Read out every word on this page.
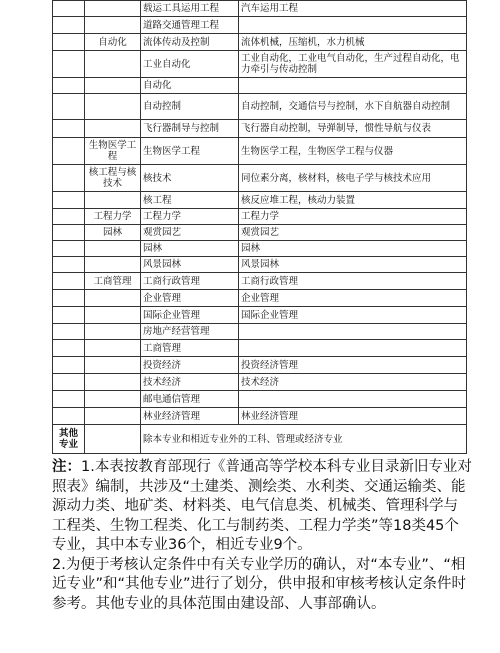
		载运工具运用工程	汽车运用工程
		道路交通管理工程	
	自动化	流体传动及控制	流体机械，压缩机，水力机械
		工业自动化	工业自动化，工业电气自动化，生产过程自动化，电力牵引与传动控制
		自动化	
		自动控制	自动控制，交通信号与控制，水下自航器自动控制
		飞行器制导与控制	飞行器自动控制，导弹制导，惯性导航与仪表
	生物医学工程	生物医学工程	生物医学工程，生物医学工程与仪器
	核工程与核技术	核技术	同位素分离，核材料，核电子学与核技术应用
		核工程	核反应堆工程，核动力装置
	工程力学	工程力学	工程力学
	园林	观赏园艺	观赏园艺
		园林	园林
		风景园林	风景园林
	工商管理	工商行政管理	工商行政管理
		企业管理	企业管理
		国际企业管理	国际企业管理
		房地产经营管理	
		工商管理	
		投资经济	投资经济管理
		技术经济	技术经济
		邮电通信管理	
		林业经济管理	林业经济管理
其他专业		除本专业和相近专业外的工科、管理或经济专业	

注：1.本表按教育部现行《普通高等学校本科专业目录新旧专业对照表》编制，共涉及“土建类、测绘类、水利类、交通运输类、能源动力类、地矿类、材料类、电气信息类、机械类、管理科学与工程类、生物工程类、化工与制药类、工程力学类”等18类45个专业，其中本专业36个，相近专业9个。

2.为便于考核认定条件中有关专业学历的确认，对“本专业”、“相近专业”和“其他专业”进行了划分，供申报和审核考核认定条件时参考。其他专业的具体范围由建设部、人事部确认。
